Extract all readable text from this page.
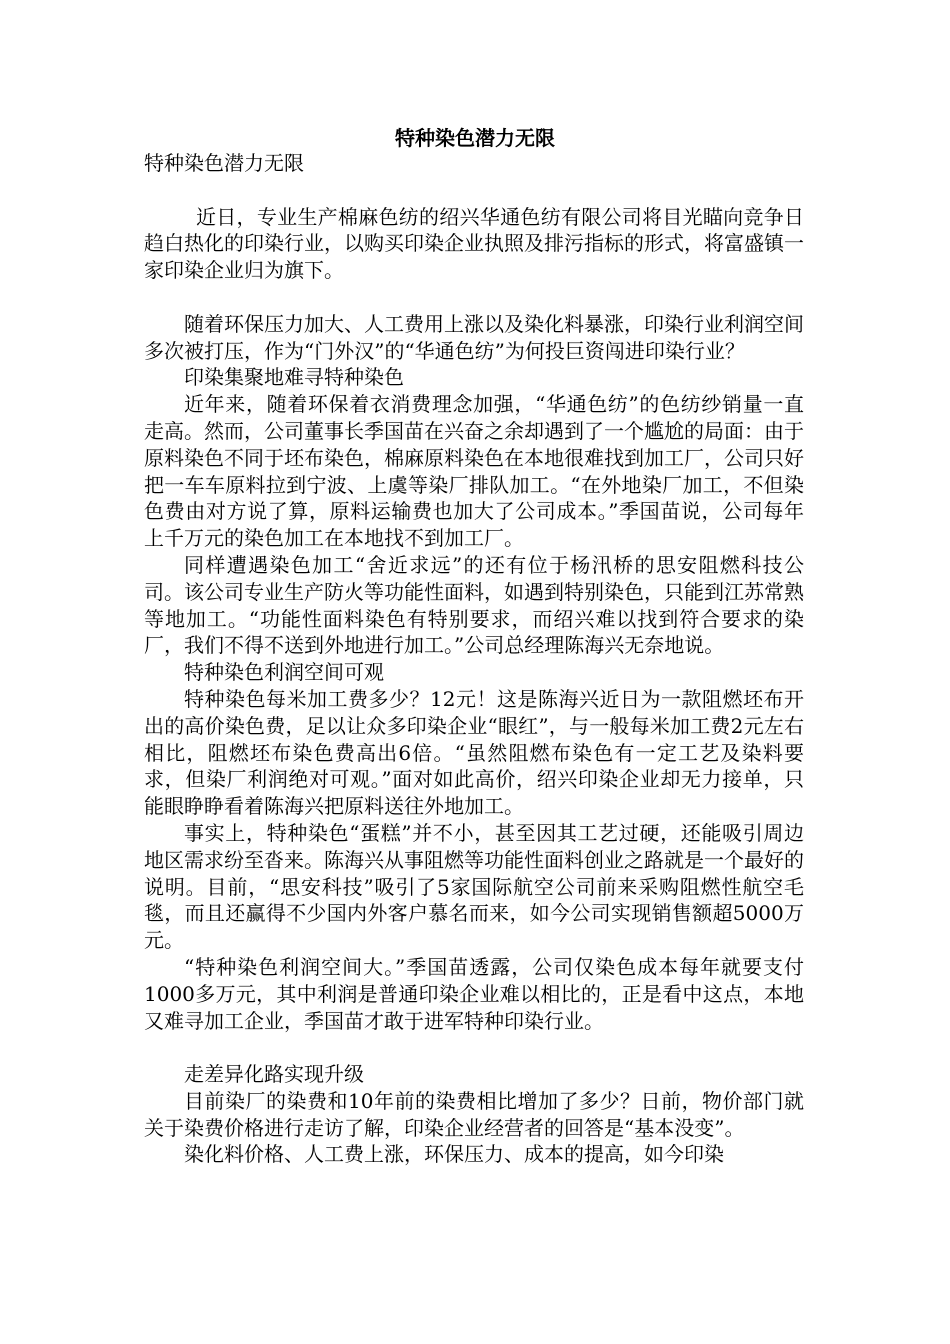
特种染色潜力无限

特种染色潜力无限

近日，专业生产棉麻色纺的绍兴华通色纺有限公司将目光瞄向竞争日趋白热化的印染行业，以购买印染企业执照及排污指标的形式，将富盛镇一家印染企业归为旗下。

随着环保压力加大、人工费用上涨以及染化料暴涨，印染行业利润空间多次被打压，作为“门外汉”的“华通色纺”为何投巨资闯进印染行业？

印染集聚地难寻特种染色

近年来，随着环保着衣消费理念加强，“华通色纺”的色纺纱销量一直走高。然而，公司董事长季国苗在兴奋之余却遇到了一个尴尬的局面：由于原料染色不同于坯布染色，棉麻原料染色在本地很难找到加工厂，公司只好把一车车原料拉到宁波、上虞等染厂排队加工。“在外地染厂加工，不但染色费由对方说了算，原料运输费也加大了公司成本。”季国苗说，公司每年上千万元的染色加工在本地找不到加工厂。

同样遭遇染色加工“舍近求远”的还有位于杨汛桥的思安阻燃科技公司。该公司专业生产防火等功能性面料，如遇到特别染色，只能到江苏常熟等地加工。“功能性面料染色有特别要求，而绍兴难以找到符合要求的染厂，我们不得不送到外地进行加工。”公司总经理陈海兴无奈地说。

特种染色利润空间可观

特种染色每米加工费多少？12元！这是陈海兴近日为一款阻燃坯布开出的高价染色费，足以让众多印染企业“眼红”，与一般每米加工费2元左右相比，阻燃坯布染色费高出6倍。“虽然阻燃布染色有一定工艺及染料要求，但染厂利润绝对可观。”面对如此高价，绍兴印染企业却无力接单，只能眼睁睁看着陈海兴把原料送往外地加工。

事实上，特种染色“蛋糕”并不小，甚至因其工艺过硬，还能吸引周边地区需求纷至沓来。陈海兴从事阻燃等功能性面料创业之路就是一个最好的说明。目前，“思安科技”吸引了5家国际航空公司前来采购阻燃性航空毛毯，而且还赢得不少国内外客户慕名而来，如今公司实现销售额超5000万元。

“特种染色利润空间大。”季国苗透露，公司仅染色成本每年就要支付1000多万元，其中利润是普通印染企业难以相比的，正是看中这点，本地又难寻加工企业，季国苗才敢于进军特种印染行业。

走差异化路实现升级

目前染厂的染费和10年前的染费相比增加了多少？日前，物价部门就关于染费价格进行走访了解，印染企业经营者的回答是“基本没变”。

染化料价格、人工费上涨，环保压力、成本的提高，如今印染
